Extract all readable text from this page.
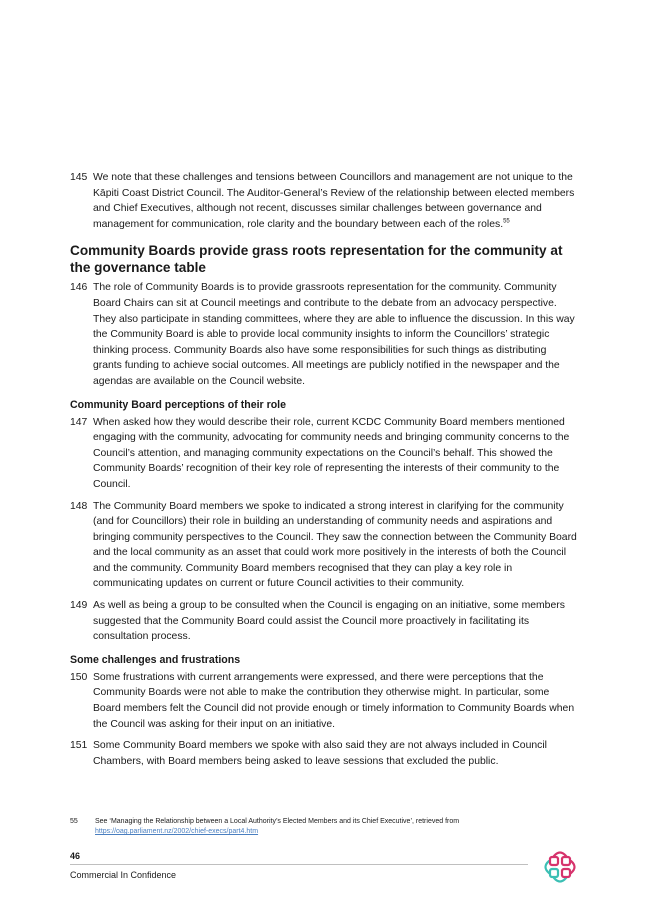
145 We note that these challenges and tensions between Councillors and management are not unique to the Kāpiti Coast District Council. The Auditor-General’s Review of the relationship between elected members and Chief Executives, although not recent, discusses similar challenges between governance and management for communication, role clarity and the boundary between each of the roles.$^{55}$
Community Boards provide grass roots representation for the community at the governance table
146 The role of Community Boards is to provide grassroots representation for the community. Community Board Chairs can sit at Council meetings and contribute to the debate from an advocacy perspective. They also participate in standing committees, where they are able to influence the discussion. In this way the Community Board is able to provide local community insights to inform the Councillors’ strategic thinking process. Community Boards also have some responsibilities for such things as distributing grants funding to achieve social outcomes. All meetings are publicly notified in the newspaper and the agendas are available on the Council website.
Community Board perceptions of their role
147 When asked how they would describe their role, current KCDC Community Board members mentioned engaging with the community, advocating for community needs and bringing community concerns to the Council’s attention, and managing community expectations on the Council’s behalf. This showed the Community Boards’ recognition of their key role of representing the interests of their community to the Council.
148 The Community Board members we spoke to indicated a strong interest in clarifying for the community (and for Councillors) their role in building an understanding of community needs and aspirations and bringing community perspectives to the Council. They saw the connection between the Community Board and the local community as an asset that could work more positively in the interests of both the Council and the community. Community Board members recognised that they can play a key role in communicating updates on current or future Council activities to their community.
149 As well as being a group to be consulted when the Council is engaging on an initiative, some members suggested that the Community Board could assist the Council more proactively in facilitating its consultation process.
Some challenges and frustrations
150 Some frustrations with current arrangements were expressed, and there were perceptions that the Community Boards were not able to make the contribution they otherwise might. In particular, some Board members felt the Council did not provide enough or timely information to Community Boards when the Council was asking for their input on an initiative.
151 Some Community Board members we spoke with also said they are not always included in Council Chambers, with Board members being asked to leave sessions that excluded the public.
55	See ‘Managing the Relationship between a Local Authority’s Elected Members and its Chief Executive’, retrieved from
https://oag.parliament.nz/2002/chief-execs/part4.htm
46
Commercial In Confidence
